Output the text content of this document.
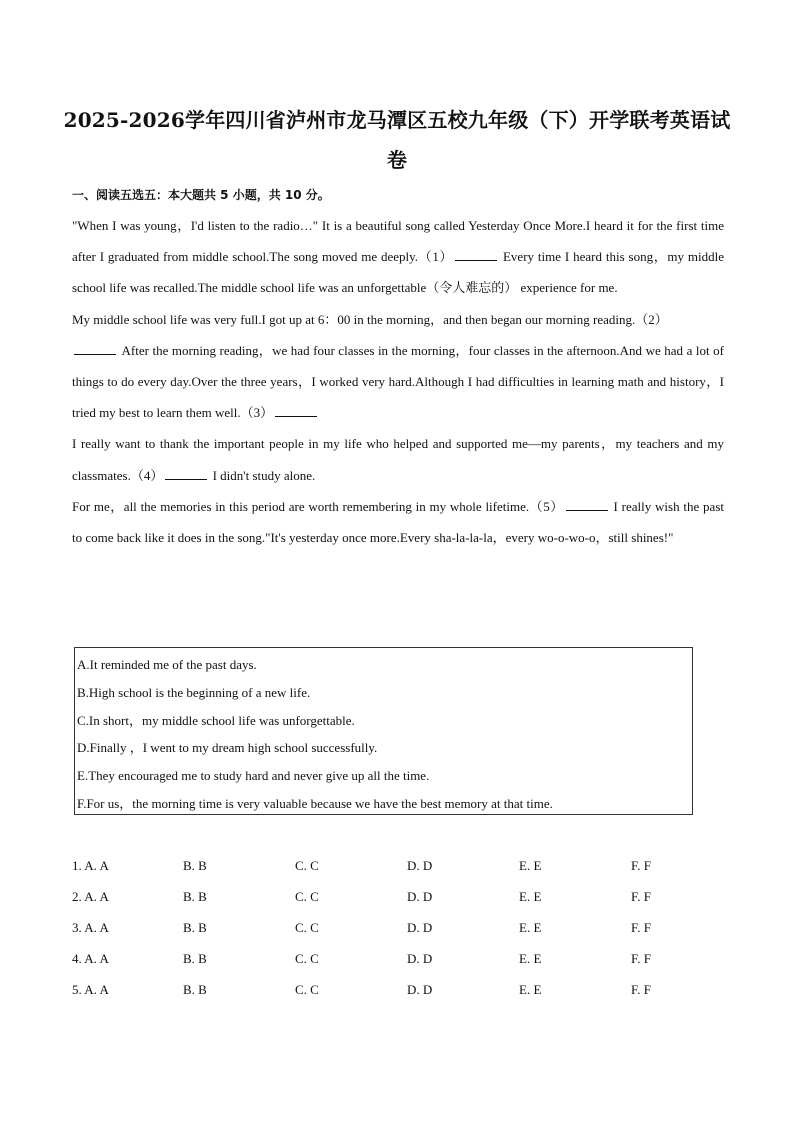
2025-2026学年四川省泸州市龙马潭区五校九年级（下）开学联考英语试卷
一、阅读五选五：本大题共 5 小题，共 10 分。

"When I was young，I'd listen to the radio…" It is a beautiful song called Yesterday Once More.I heard it for the first time after I graduated from middle school.The song moved me deeply.（1）	Every time I heard this song，my middle school life was recalled.The middle school life was an unforgettable（令人难忘的） experience for me.

My middle school life was very full.I got up at 6：00 in the morning，and then began our morning reading.（2）
After the morning reading，we had four classes in the morning，four classes in the afternoon.And we had a lot of things to do every day.Over the three years，I worked very hard.Although I had difficulties in learning math and history，I tried my best to learn them well.（3）

I really want to thank the important people in my life who helped and supported me—my parents，my teachers and my classmates.（4）	I didn't study alone.

For me，all the memories in this period are worth remembering in my whole lifetime.（5）	I really wish the past to come back like it does in the song."It's yesterday once more.Every sha-la-la-la，every wo-o-wo-o，still shines!"

A.It reminded me of the past days.
B.High school is the beginning of a new life.
C.In short，my middle school life was unforgettable.
D.Finally ，I went to my dream high school successfully.
E.They encouraged me to study hard and never give up all the time.
F.For us，the morning time is very valuable because we have the best memory at that time.
1. A. A	B. B	C. C	D. D	E. E	F. F
2. A. A	B. B	C. C	D. D	E. E	F. F
3. A. A	B. B	C. C	D. D	E. E	F. F
4. A. A	B. B	C. C	D. D	E. E	F. F
5. A. A	B. B	C. C	D. D	E. E	F. F
